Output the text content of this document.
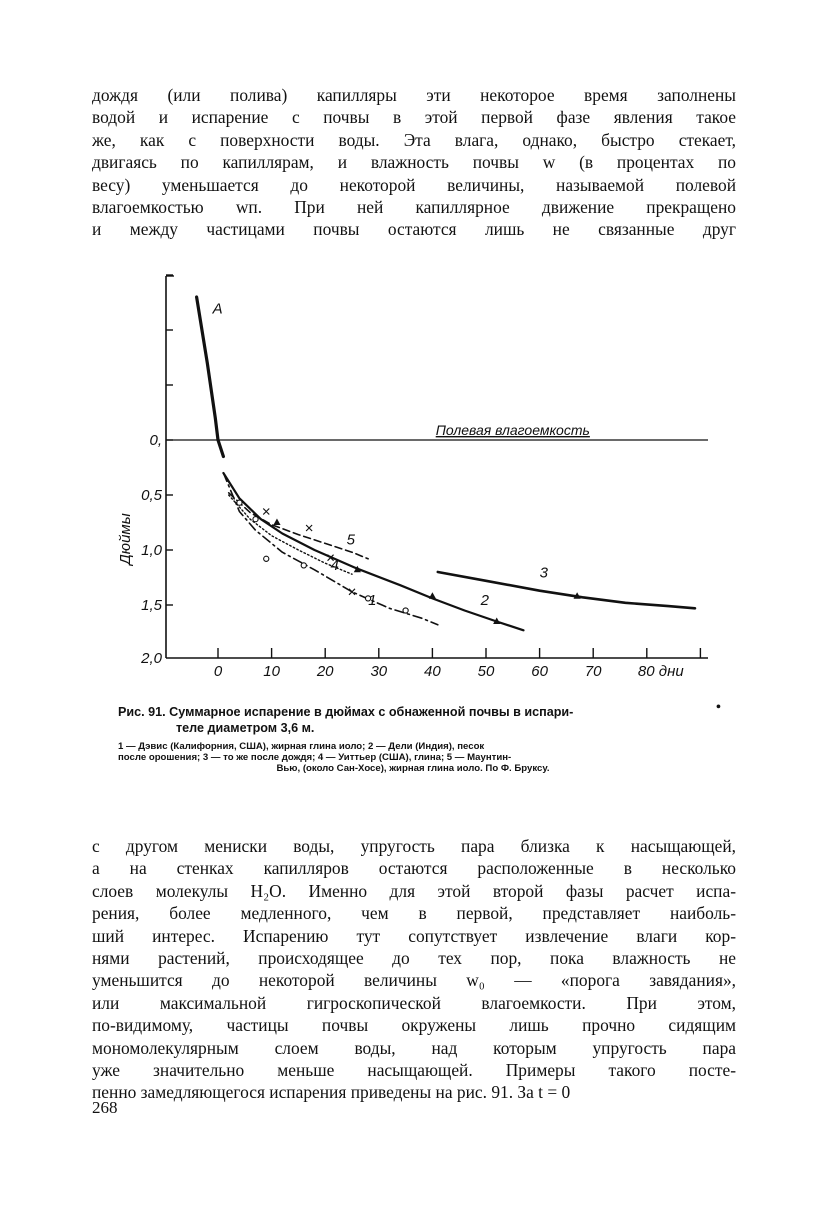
дождя (или полива) капилляры эти некоторое время заполнены
водой и испарение с почвы в этой первой фазе явления такое
же, как с поверхности воды. Эта влага, однако, быстро стекает,
двигаясь по капиллярам, и влажность почвы w (в процентах по
весу) уменьшается до некоторой величины, называемой полевой
влагоемкостью wп. При ней капиллярное движение прекращено
и между частицами почвы остаются лишь не связанные друг
0,
0,5
1,0
1,5
2,0
Дюймы
0	10 20 30 40 50 60 70 80 дни
Полевая влагоемкость
A
1	2
3
4
5
•
Рис. 91. Суммарное испарение в дюймах с обнаженной почвы в испари-
теле диаметром 3,6 м.
1 — Дэвис (Калифорния, США), жирная глина иоло; 2 — Дели (Индия), песок
после орошения; 3 — то же после дождя; 4 — Уиттьер (США), глина; 5 — Маунтин-
Вью, (около Сан-Хосе), жирная глина иоло. По Ф. Бруксу.
с другом мениски воды, упругость пара близка к насыщающей,
а на стенках капилляров остаются расположенные в несколько
слоев молекулы H₂O. Именно для этой второй фазы расчет испа-
рения, более медленного, чем в первой, представляет наиболь-
ший интерес. Испарению тут сопутствует извлечение влаги кор-
нями растений, происходящее до тех пор, пока влажность не
уменьшится до некоторой величины w₀ — «порога завядания»,
или максимальной гигроскопической влагоемкости. При этом,
по-видимому, частицы почвы окружены лишь прочно сидящим
мономолекулярным слоем воды, над которым упругость пара
уже значительно меньше насыщающей. Примеры такого посте-
пенно замедляющегося испарения приведены на рис. 91. За t = 0
268
